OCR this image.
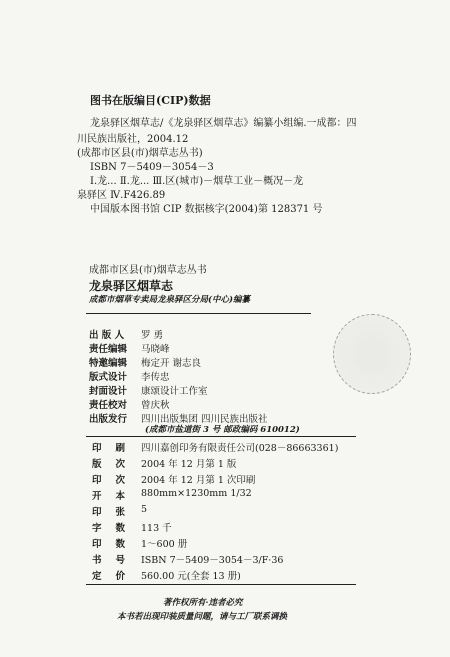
图书在版编目(CIP)数据
龙泉驿区烟草志/《龙泉驿区烟草志》编纂小组编.一成都：四
川民族出版社，2004.12
(成都市区县(市)烟草志丛书)
ISBN 7－5409－3054－3
Ⅰ.龙... Ⅱ.龙... Ⅲ.区(城市)－烟草工业－概况－龙
泉驿区 Ⅳ.F426.89
中国版本图书馆 CIP 数据核字(2004)第 128371 号
成都市区县(市)烟草志丛书
龙泉驿区烟草志
成都市烟草专卖局龙泉驿区分局(中心)编纂
出 版 人	罗 勇
责任编辑	马晓峰
特邀编辑	梅定开 谢志良
版式设计	李传忠
封面设计	康颂设计工作室
责任校对	曾庆秋
出版发行	四川出版集团 四川民族出版社
(成都市盐道街 3 号 邮政编码 610012)
印刷 四川嘉创印务有限责任公司(028－86663361)
版次 2004 年 12 月第 1 版
印次 2004 年 12 月第 1 次印刷
开本 880mm×1230mm 1/32
印张 5
字数 113 千
印数 1～600 册
书号 ISBN 7－5409－3054－3/F·36
定价 560.00 元(全套 13 册)
著作权所有·违者必究
本书若出现印装质量问题，请与工厂联系调换
